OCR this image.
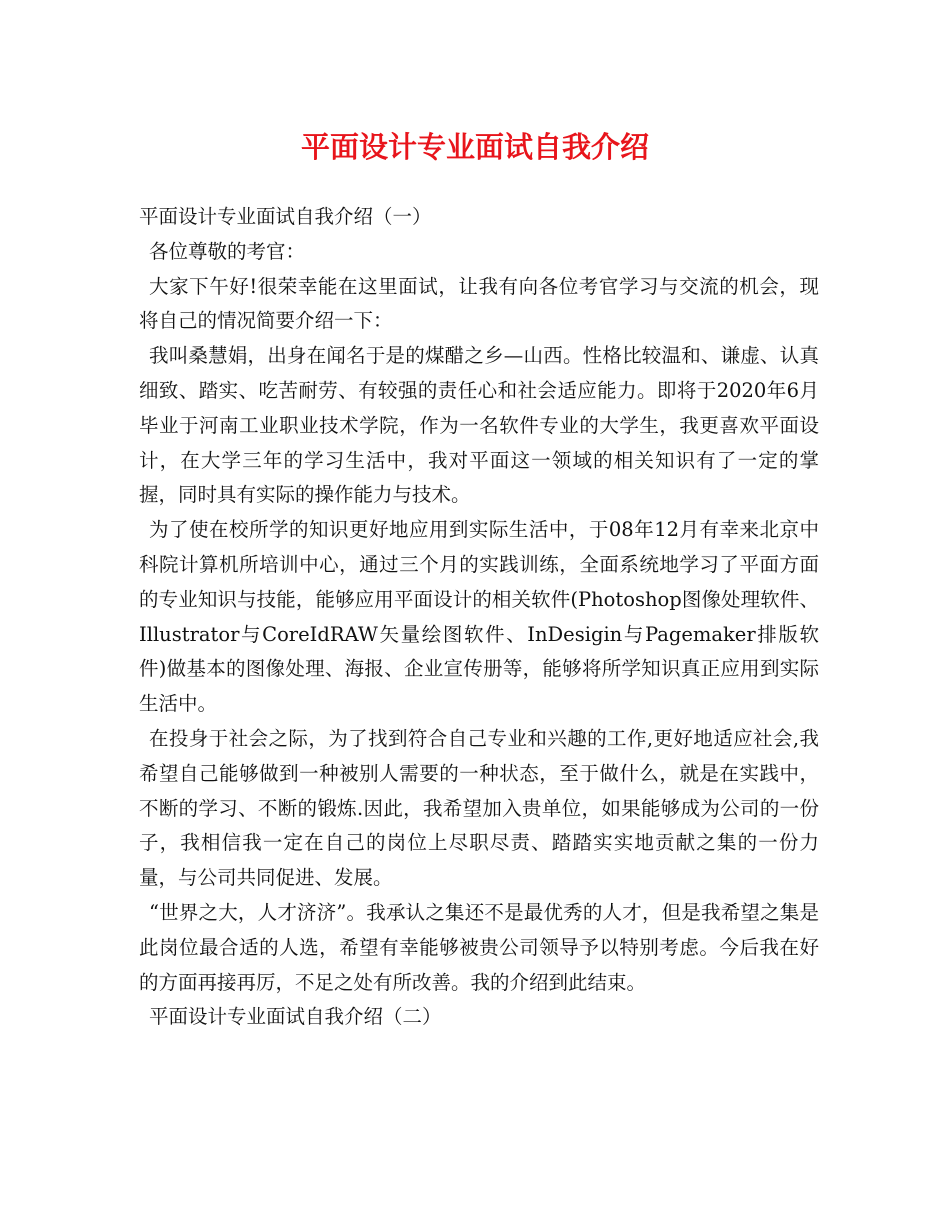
平面设计专业面试自我介绍

平面设计专业面试自我介绍（一）

各位尊敬的考官：

大家下午好!很荣幸能在这里面试，让我有向各位考官学习与交流的机会，现将自己的情况简要介绍一下：

我叫桑慧娟，出身在闻名于是的煤醋之乡—山西。性格比较温和、谦虚、认真细致、踏实、吃苦耐劳、有较强的责任心和社会适应能力。即将于2020年6月毕业于河南工业职业技术学院，作为一名软件专业的大学生，我更喜欢平面设计，在大学三年的学习生活中，我对平面这一领域的相关知识有了一定的掌握，同时具有实际的操作能力与技术。

为了使在校所学的知识更好地应用到实际生活中，于08年12月有幸来北京中科院计算机所培训中心，通过三个月的实践训练，全面系统地学习了平面方面的专业知识与技能，能够应用平面设计的相关软件(Photoshop图像处理软件、Illustrator与CoreIdRAW矢量绘图软件、InDesigin与Pagemaker排版软件)做基本的图像处理、海报、企业宣传册等，能够将所学知识真正应用到实际生活中。

在投身于社会之际，为了找到符合自己专业和兴趣的工作,更好地适应社会,我希望自己能够做到一种被别人需要的一种状态，至于做什么，就是在实践中，不断的学习、不断的锻炼.因此，我希望加入贵单位，如果能够成为公司的一份子，我相信我一定在自己的岗位上尽职尽责、踏踏实实地贡献之集的一份力量，与公司共同促进、发展。

“世界之大，人才济济”。我承认之集还不是最优秀的人才，但是我希望之集是此岗位最合适的人选，希望有幸能够被贵公司领导予以特别考虑。今后我在好的方面再接再厉，不足之处有所改善。我的介绍到此结束。

平面设计专业面试自我介绍（二）
